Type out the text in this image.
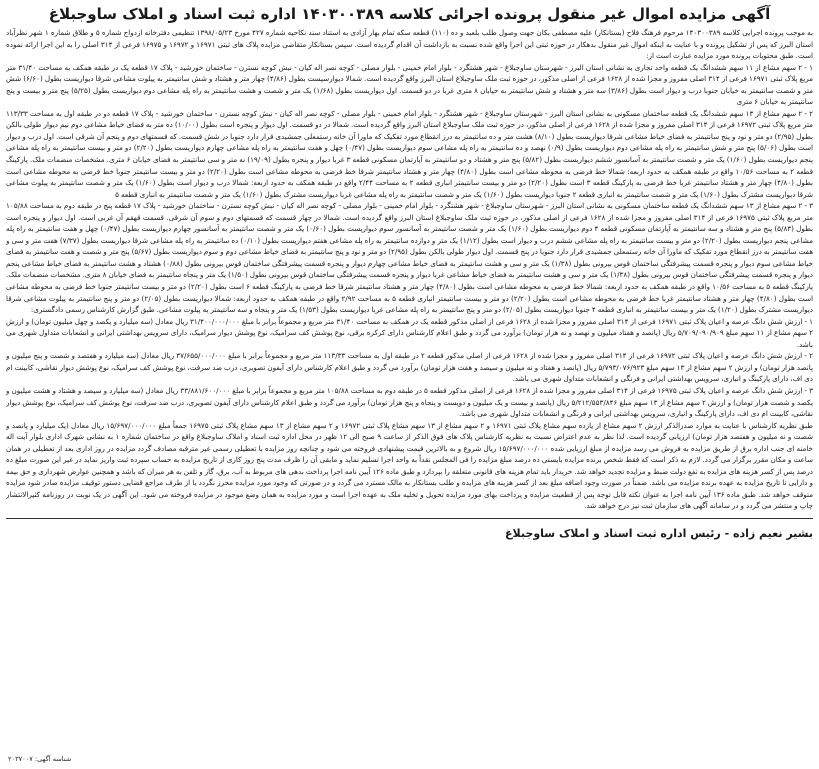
آگهی مزایده اموال غیر منقول پرونده اجرائی کلاسه ۱۴۰۳۰۰۳۸۹ اداره ثبت اسناد و املاک ساوجبلاغ

به موجب پرونده اجرایی کلاسه ۱۴۰۳۰۰۳۸۹ مرحوم فرهنگ فلاح (بستانکار) علیه مصطفی بکان جهت وصول طلب بلعبد و ده (۱۱۰) قطعه سکه تمام بهار آزادی به استناد سند نکاحیه شماره ۴۲۷ مورخ ۱۳۹۸/۰۵/۲۳ تنظیمی دفترخانه ازدواج شماره ۵ و طلاق شماره ۱ شهر نظرآباد استان البرز که پس از تشکیل پرونده و با عنایت به اینکه اموال غیر منقول بدهکار در حوزه ثبتی این اجرا واقع شده نسبت به بازداشت آن اقدام گردیده است. سپس بستانکار متقاضی مزایده پلاک های ثبتی ۱۶۹۷۱ و ۱۶۹۷۲ و ۱۶۹۷۵ فرعی از ۳۱۴ اصلی را به این اجرا ارائه نموده است. طبق محتویات پرونده مورد مزایده عبارت است از:

۱ - ۲ سهم مشاع از ۱۱ سهم ششدانگ یک قطعه واحد تجاری به نشانی استان البرز - شهرستان ساوجبلاغ - شهر هشتگرد - بلوار امام خمینی - بلوار مصلی - کوچه نصر اله کیان - نبش کوچه نسترن - ساختمان خورشید - پلاک ۱۷ قطعه یک در طبقه همکف به مساحت ۳۱/۴۰ متر مربع پلاک ثبتی ۱۶۹۷۱ فرعی از ۳۱۴ اصلی مفروز و مجزا شده از ۱۶۲۸ فرعی از اصلی مذکور، در حوزه ثبت ملک ساوجبلاغ استان البرز واقع گردیده است. شمالا دیوارسیست بطول (۴/۸۶) چهار متر و هشتاد و شش سانتیمتر به پیلوت مشاعی شرقا دیواریست بطول (۶/۶۰) شش متر و شصت سانتیمتر به خیابان جنوبا درب و دیوار است بطول (۳/۸۶) سه متر و هشتاد و شش سانتیمتر به خیابان ۸ متری غربا در دو قسمت. اول دیواریست بطول (۱/۶۸) یک متر و شصت و هشت سانتیمتر به راه پله مشاعی دوم دیواریست بطول (۵/۲۵) پنج متر و بیست و پنج سانتیمتر به خیابان ۶ متری

۲ - ۲ سهم مشاع از ۱۳ سهم ششدانگ یک قطعه ساختمان مسکونی به نشانی استان البرز - شهرستان ساوجبلاغ - شهر هشتگرد - بلوار امام خمینی - بلوار مصلی - کوچه نصر اله کیان - نبش کوچه نسترن - ساختمان خورشید - پلاک ۱۷ قطعه دو در طبقه اول به مساحت ۱۱۳/۳۳ متر مربع پلاک ثبتی ۱۶۹۷۲ فرعی از ۳۱۴ اصلی مفروز و مجزا شده از ۱۶۲۸ فرعی از اصلی مذکور، در حوزه ثبت ملک ساوجبلاغ استان البرز واقع گردیده است. شمالا در دو قسمت. اول دیوار و پنجره است بطول (۱۰/۰۰) ده متر به فضای خیاط مشاعی دوم نیم دیوار طولی بالکن بطول (۲/۹۵) دو متر و نود و پنج سانتیمتر به فضای خیاط مشاعی شرقا دیواریست بطول (۸/۱۰) هشت متر و ده سانتیمتر به درز انقطاع مورد تفکیک که ماورا آن خانه رستمعلی جمشیدی قرار دارد جنوبا در شش قسمت. که قسمتهای دوم و پنجم آن شرقی است. اول درب و دیوار است بطول (۵/۰۶) پنج متر و شش سانتیمتر به راه پله مشاعی دوم دیواریست بطول (۰/۹) نهصد و ده سانتیمتر به راه پله مشاعی سوم دیواریست بطول (۰/۴۷) چهل و هفت سانتیمتر به راه پله مشاعی چهارم دیواریست بطول (۲/۲۰) دو متر و بیست سانتیمتر به راه پله مشاعی پنجم دیواریست بطول (۱/۶۰) یک متر و شصت سانتیمتر به آسانسور ششم دیواریست بطول (۵/۸۲) پنج متر و هشتاد و دو سانتیمتر به آپارتمان مسکونی قطعه ۳ غربا دیوار و پنجره بطول (۱۹/۰۹) نه متر و سی سانتیمتر به فضای خیابان ۶ متری. مشخصات منضمات ملک. پارکینگ قطعه ۲ به مساحت ۱۰/۵۶ واقع در طبقه همکف به حدود اربعه: شمالا خط فرضی به محوطه مشاعی است بطول (۴/۸۰) چهار متر و هشتاد سانتیمتر شرقا خط فرضی به محوطه مشاعی است بطول (۲/۲۰) دو متر و بیست سانتیمتر جنوبا خط فرضی به محوطه مشاعی است بطول (۴/۸۰) چهار متر و هشتاد سانتیمتر غربا خط فرضی به پارکینگ قطعه ۳ است بطول (۲/۲۰) دو متر و بیست سانتیمتر انباری قطعه ۲ به مساحت ۲/۴۴ واقع در طبقه همکف به حدود اربعه: شمالا درب و دیوار است بطول (۱/۶۰) یک متر و شصت سانتیمتر به پیلوت مشاعی شرقا دیواریست مشترک بطول (۱/۶۰) یک متر و شصت سانتیمتر به انباری قطعه ۲ جنوبا دیواریست بطول (۱/۶۰) یک متر و شصت سانتیمتر به راه پله مشاعی غربا دیواریست مشترک بطول (۱/۶۰) یک متر و شصت سانتیمتر به انباری قطعه ۵

۳ - ۲ سهم مشاع از ۱۳ سهم ششدانگ یک قطعه ساختمان مسکونی به نشانی استان البرز - شهرستان ساوجبلاغ - شهر هشتگرد - بلوار امام خمینی - بلوار مصلی - کوچه نصر اله کیان - نبش کوچه نسترن - ساختمان خورشید - پلاک ۱۷ قطعه پنج در طبقه دوم به مساحت ۱۰۵/۸۸ متر مربع پلاک ثبتی ۱۶۹۷۵ فرعی از ۳۱۴ اصلی مفروز و مجزا شده از ۱۶۲۸ فرعی از اصلی مذکور، در حوزه ثبت ملک ساوجبلاغ استان البرز واقع گردیده است. شمالا در چهار قسمت که قسمتهای دوم و سوم آن شرقی. قسمت قهقم آن غربی است. اول دیوار و پنجره است بطول (۵/۸۳) پنج متر و هشتاد و سه سانتیمتر به آپارتمان مسکونی قطعه ۴ دوم دیواریست بطول (۱/۶۰) یک متر و شصت سانتیمتر به آسانسور سوم دیواریست بطول (۰/۶۰) یک متر و شصت سانتیمتر به آسانسور چهارم دیواریست بطول (۰/۴۷) چهل و هفت سانتیمتر به راه پله مشاعی پنجم دیواریست بطول (۲/۲۰) دو متر و بیست سانتیمتر به راه پله مشاعی ششم درب و دیوار است بطول (۱/۱۲) یک متر و دوازده سانتیمتر به راه پله مشاعی هفتم دیواریست بطول (۰/۱۰) ده سانتیمتر به راه پله مشاعی شرقا دیواریست بطول (۷/۳۷) هفت متر و سی و هفت سانتیمتر به درز انقطاع مورد تفکیک که ماورا آن خانه رستمعلی جمشیدی قرار دارد جنوبا در پنج قسمت. اول دیوار طولی بالکن بطول (۲/۹۵) دو متر و نود و پنج سانتیمتر به فضای خیاط مشاعی دوم و سوم دیواریست بطول (۵/۶۷) پنج متر و شصت و هفت سانتیمتر به فضای خیاط مشاعی سوم دیوار و پنجره قسمت پیشرفتگی ساختمان قوس بیرونی بطول (۱/۳۸) یک متر و سی و هشت سانتیمتر به فضای خیاط مشاعی چهارم دیوار و پنجره قسمت پیشرفتگی ساختمان قوس بیرونی بطول (۰/۸۸) هشتاد و هشت سانتیمتر به فضای خیاط مشاعی پنجم دیوار و پنجره قسمت پیشرفتگی ساختمان قوس بیرونی بطول (۱/۳۸) یک متر و سی و هشت سانتیمتر به فضای خیاط مشاعی غربا دیوار و پنجره قسمت پیشرفتگی ساختمان قوس بیرونی بطول (۱/۵۰) یک متر و پنجاه سانتیمتر به فضای خیابان ۸ متری. مشخصات منضمات ملک. پارکینگ قطعه ۵ به مساحت ۱۰/۵۶ واقع در طبقه همکف به حدود اربعه: شمالا خط فرضی به محوطه مشاعی است بطول (۴/۸۰) چهار متر و هشتاد سانتیمتر شرقا خط فرضی به پارکینگ قطعه ۶ است بطول (۲/۲۰) دو متر و بیست سانتیمتر جنوبا خط فرضی به محوطه مشاعی است بطول (۴/۸۰) چهار متر و هشتاد سانتیمتر غربا خط فرضی به محوطه مشاعی است بطول (۲/۲۰) دو متر و بیست سانتیمتر انباری قطعه ۵ به مساحت ۲/۹۲ واقع در طبقه همکف به حدود اربعه: شمالا دیواریست بطول (۲/۰۵) دو متر و پنج سانتیمتر به پیلوت مشاعی شرقا دیواریست مشترک بطول (۱/۲۰) یک متر و بیست سانتیمتر به انباری قطعه ۴ جنوبا دیواریست بطول (۲/۰۵) دو متر و پنج سانتیمتر به راه پله مشاعی غربا دیواریست بطول (۱/۵۳) یک متر و پنجاه و سه سانتیمتر به پیلوت مشاعی. طبق گزارش کارشناس رسمی دادگستری:

۱ - ارزش شش دانگ عرصه و اعیان پلاک ثبتی ۱۶۹۷۱ فرعی از ۳۱۴ اصلی مفروز و مجزا شده از ۱۶۲۸ فرعی از اصلی مذکور قطعه یک در همکف به مساحت ۳۱/۴۰ متر مربع و مجموعاً برابر با مبلغ ۳۱/۴۰۰/۰۰۰/۰۰۰ ریال معادل (سه میلیارد و یکصد و چهل میلیون تومان) و ارزش ۲ سهم مشاع از ۱۱ سهم مبلغ ۵/۷۰۹/۰۹۰/۹۰۹ ریال (پانصد و هفتاد میلیون و نهصد و نه هزار تومان) برآورد می گردد و طبق اعلام کارشناس دارای کرکره برقی، نوع پوشش کف سرامیک، نوع پوشش دیوار سرامیک، دارای سرویس بهداشتی ایرانی و انشعابات متداول شهری می باشد.

۲ - ارزش شش دانگ عرصه و اعیان پلاک ثبتی ۱۶۹۷۲ فرعی از ۳۱۴ اصلی مفروز و مجزا شده از ۱۶۲۸ فرعی از اصلی مذکور قطعه ۲ در طبقه اول به مساحت ۱۱۳/۳۳ متر مربع و مجموعاً برابر با مبلغ ۳۷/۶۵۵/۰۰۰/۰۰۰ ریال معادل (سه میلیارد و هفتصد و شصت و پنج میلیون و پانصد هزار تومان) و ارزش ۲ سهم مشاع از ۱۳ سهم مبلغ ۵/۷۹۳/۰۷۶/۹۲۳ ریال (پانصد و هفتاد و نه میلیون و سیصد و هفت هزار تومان) برآورد می گردد و طبق اعلام کارشناس دارای آیفون تصویری، درب ضد سرقت، نوع پوشش کف سرامیک، نوع پوشش دیوار نقاشی، کابینت ام دی اف، دارای پارکینگ و انباری، سرویس بهداشتی ایرانی و فرنگی و انشعابات متداول شهری می باشد.

۳ - ارزش شش دانگ عرصه و اعیان پلاک ثبتی ۱۶۹۷۵ فرعی از ۳۱۴ اصلی مفروز و مجزا شده از ۱۶۲۸ فرعی از اصلی مذکور قطعه ۵ در طبقه دوم به مساحت ۱۰۵/۸۸ متر مربع و مجموعاً برابر با مبلغ ۳۳/۸۸۱/۶۰۰/۰۰۰ ریال معادل (سه میلیارد و سیصد و هشتاد و هشت میلیون و یکصد و شصت هزار تومان) و ارزش ۲ سهم مشاع از ۱۳ سهم مبلغ ۵/۲۱۲/۵۵۳/۸۴۶ ریال (پانصد و بیست و یک میلیون و دویست و پنجاه و پنج هزار تومان) برآورد می گردد و طبق اعلام کارشناس دارای آیفون تصویری، درب ضد سرقت، نوع پوشش کف سرامیک، نوع پوشش دیوار نقاشی، کابینت ام دی اف، دارای پارکینگ و انباری، سرویس بهداشتی ایرانی و فرنگی و انشعابات متداول شهری می باشد.

طبق نظریه کارشناس با عنایت به موارد صدرالذکر ارزش ۲ سهم مشاع از یازده سهم مشاع پلاک ثبتی ۱۶۹۷۱ و ۲ سهم مشاع از ۱۳ سهم مشاع پلاک ثبتی ۱۶۹۷۲ و ۲ سهم مشاع از ۱۳ سهم مشاع پلاک ثبتی ۱۶۹۷۵ جمعاً مبلغ ۱۵/۶۹۷/۰۰۰/۰۰۰ ریال معادل (یک میلیارد و پانصد و شصت و نه میلیون و هفتصد هزار تومان) ارزیابی گردیده است. لذا نظر به عدم اعتراض نسبت به نظریه کارشناس پلاک های فوق الذکر از ساعت ۹ صبح الی ۱۲ ظهر در محل اداره ثبت اسناد و املاک ساوجبلاغ واقع در ساختمان شماره ۱ به نشانی شهرک اداری بلوار آیت اله خامنه ای جنب اداره برق از طریق مزایده به فروش می رسد مزایده از مبلغ ارزیابی شده ۱۵/۶۹۷/۰۰۰/۰۰۰ ریال شروع و به بالاترین قیمت پیشنهادی فروخته می شود و چنانچه روز مزایده با تعطیلی رسمی غیر مترقبه مصادف گردد مزایده در روز اداری بعد از تعطیلی در همان ساعت و مکان مقرر برگزار می گردد. لازم به ذکر است که فقط شخص برنده مزایده بایستی ده درصد مبلغ مزایده را فی المجلس نقداً به واحد اجرا تسلیم نماید و مابقی آن را ظرف مدت پنج روز کاری از تاریخ مزایده به حساب سپرده ثبت واریز نماید در غیر این صورت مبلغ ده درصد پس از کسر هزینه های مزایده به نفع دولت ضبط و مزایده تجدید خواهد شد. خریدار باید تمام هزینه های قانونی متعلقه را بپردازد و طبق ماده ۱۲۶ آیین نامه اجرا پرداخت بدهی های مربوط به آب، برق، گاز و تلفن به هر میزان که باشد و همچنین عوارض شهرداری و حق بیمه و دارایی تا تاریخ مزایده به عهده برنده مزایده می باشد. ضمناً در صورت وجود اضافه مبلغ بعد از کسر هزینه های مزایده و طلب بستانکار به مالک مسترد می گردد و در صورتی که وجود مورد مزایده محرز نگردد یا از طرف مراجع قضایی دستور توقیف مزایده صادر شود مزایده متوقف خواهد شد. طبق ماده ۱۳۶ آیین نامه اجرا به عنوان نکته قابل توجه پس از قطعیت مزایده و پرداخت بهای مورد مزایده تحویل و تخلیه ملک به عهده اجرا است و مورد مزایده به همان وضع موجود در مزایده فروخته می شود. این آگهی در یک نوبت در روزنامه کثیرالانتشار چاپ و منتشر می گردد و در سامانه آگهی های سازمان ثبت نیز درج خواهد شد.

بشیر نعیم زاده - رئیس اداره ثبت اسناد و املاک ساوجبلاغ
شناسه آگهی: ۲۰۳۷۰۰۷
